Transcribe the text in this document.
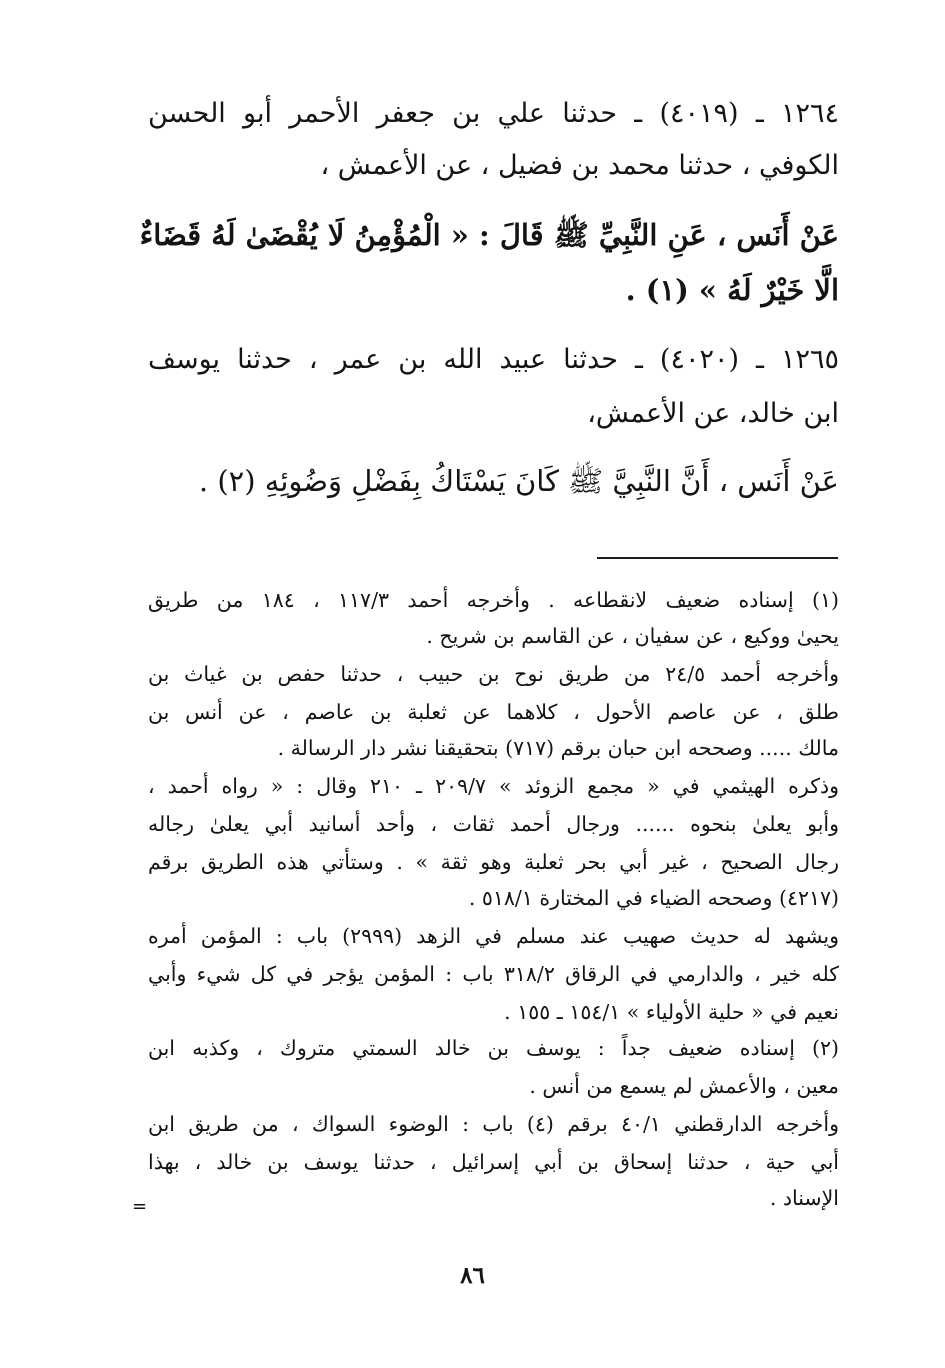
١٢٦٤ ـ (٤٠١٩) ـ حدثنا علي بن جعفر الأحمر أبو الحسن
الكوفي ، حدثنا محمد بن فضيل ، عن الأعمش ،
عَنْ أَنَس ، عَنِ النَّبِيِّ ﷺ قَالَ : « الْمُؤْمِنُ لَا يُقْضَىٰ لَهُ قَضَاءٌ
الَّا خَيْرٌ لَهُ » (١) .
١٢٦٥ ـ (٤٠٢٠) ـ حدثنا عبيد الله بن عمر ، حدثنا يوسف
ابن خالد، عن الأعمش،
عَنْ أَنَس ، أَنَّ النَّبِيَّ ﷺ كَانَ يَسْتَاكُ بِفَضْلِ وَضُوئِهِ (٢) .
(١) إسناده ضعيف لانقطاعه . وأخرجه أحمد ١١٧/٣ ، ١٨٤ من طريق
يحيىٰ ووكيع ، عن سفيان ، عن القاسم بن شريح .
وأخرجه أحمد ٢٤/٥ من طريق نوح بن حبيب ، حدثنا حفص بن غياث بن
طلق ، عن عاصم الأحول ، كلاهما عن ثعلبة بن عاصم ، عن أنس بن
مالك ..... وصححه ابن حبان برقم (٧١٧) بتحقيقنا نشر دار الرسالة .
وذكره الهيثمي في « مجمع الزوئد » ٢٠٩/٧ ـ ٢١٠ وقال : « رواه أحمد ،
وأبو يعلىٰ بنحوه ...... ورجال أحمد ثقات ، وأحد أسانيد أبي يعلىٰ رجاله
رجال الصحيح ، غير أبي بحر ثعلبة وهو ثقة » . وستأتي هذه الطريق برقم
(٤٢١٧) وصححه الضياء في المختارة ٥١٨/١ .
ويشهد له حديث صهيب عند مسلم في الزهد (٢٩٩٩) باب : المؤمن أمره
كله خير ، والدارمي في الرقاق ٣١٨/٢ باب : المؤمن يؤجر في كل شيء وأبي
نعيم في « حلية الأولياء » ١٥٤/١ ـ ١٥٥ .
(٢) إسناده ضعيف جداً : يوسف بن خالد السمتي متروك ، وكذبه ابن
معين ، والأعمش لم يسمع من أنس .
وأخرجه الدارقطني ٤٠/١ برقم (٤) باب : الوضوء السواك ، من طريق ابن
أبي حية ، حدثنا إسحاق بن أبي إسرائيل ، حدثنا يوسف بن خالد ، بهذا
الإسناد .
=
٨٦
